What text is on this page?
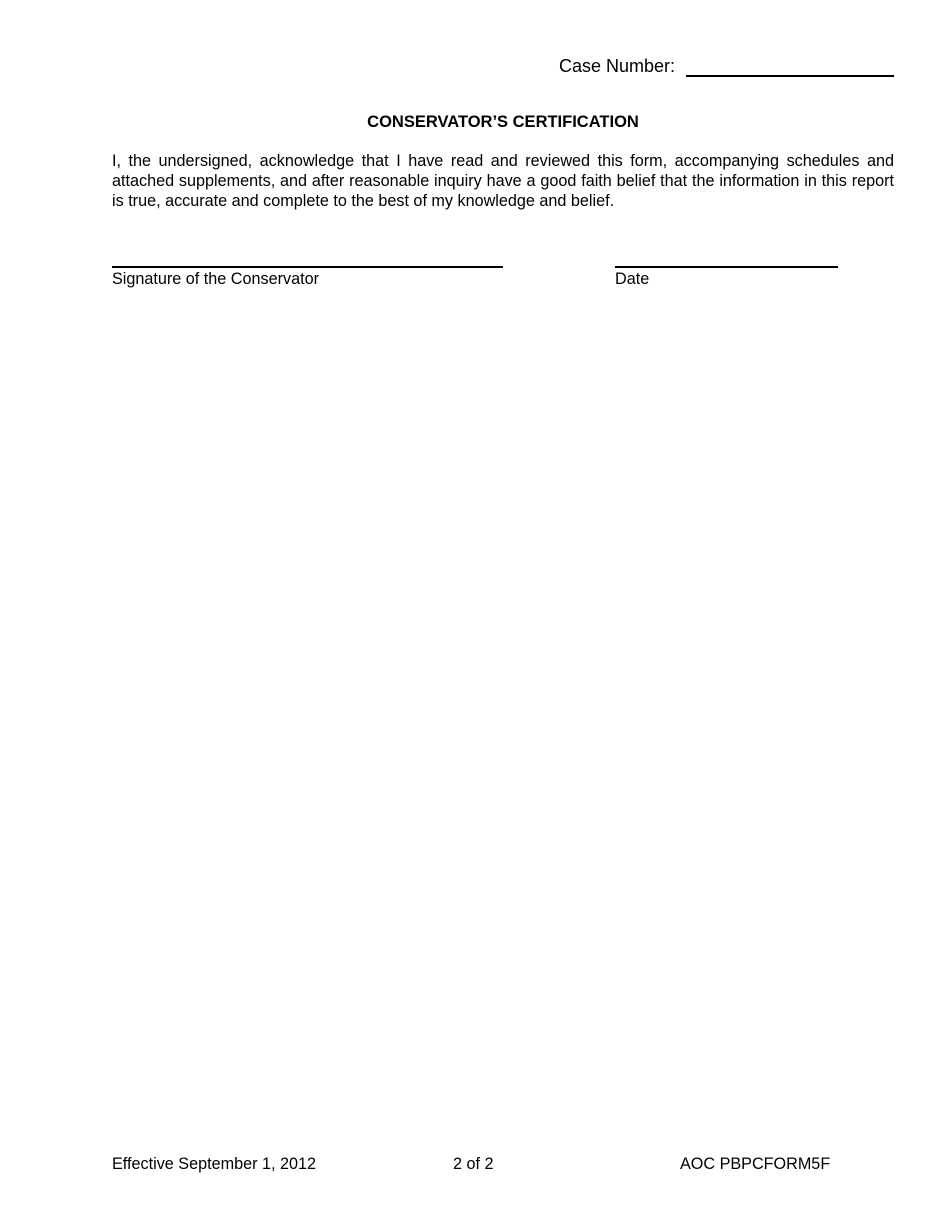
Case Number:
CONSERVATOR’S CERTIFICATION
I, the undersigned, acknowledge that I have read and reviewed this form, accompanying schedules and attached supplements, and after reasonable inquiry have a good faith belief that the information in this report is true, accurate and complete to the best of my knowledge and belief.
Signature of the Conservator	Date
Effective September 1, 2012	2 of 2	AOC PBPCFORM5F
